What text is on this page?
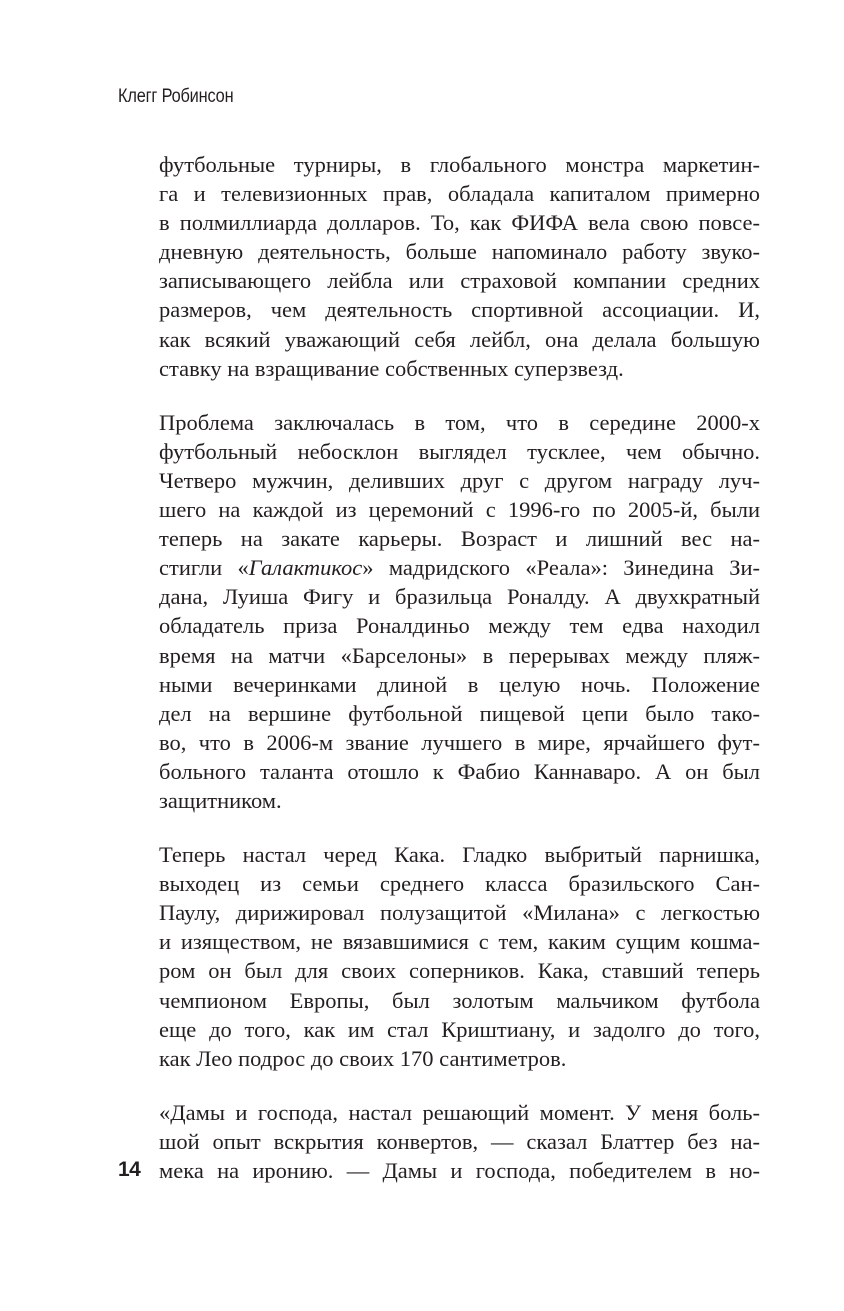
Клегг Робинсон
футбольные турниры, в глобального монстра маркетин-
га и телевизионных прав, обладала капиталом примерно
в полмиллиарда долларов. То, как ФИФА вела свою повсе-
дневную деятельность, больше напоминало работу звуко-
записывающего лейбла или страховой компании средних
размеров, чем деятельность спортивной ассоциации. И,
как всякий уважающий себя лейбл, она делала большую
ставку на взращивание собственных суперзвезд.
Проблема заключалась в том, что в середине 2000-х
футбольный небосклон выглядел тусклее, чем обычно.
Четверо мужчин, деливших друг с другом награду луч-
шего на каждой из церемоний с 1996-го по 2005-й, были
теперь на закате карьеры. Возраст и лишний вес на-
стигли «Галактикос» мадридского «Реала»: Зинедина Зи-
дана, Луиша Фигу и бразильца Роналду. А двухкратный
обладатель приза Роналдиньо между тем едва находил
время на матчи «Барселоны» в перерывах между пляж-
ными вечеринками длиной в целую ночь. Положение
дел на вершине футбольной пищевой цепи было тако-
во, что в 2006-м звание лучшего в мире, ярчайшего фут-
больного таланта отошло к Фабио Каннаваро. А он был
защитником.
Теперь настал черед Кака. Гладко выбритый парнишка,
выходец из семьи среднего класса бразильского Сан-
Паулу, дирижировал полузащитой «Милана» с легкостью
и изяществом, не вязавшимися с тем, каким сущим кошма-
ром он был для своих соперников. Кака, ставший теперь
чемпионом Европы, был золотым мальчиком футбола
еще до того, как им стал Криштиану, и задолго до того,
как Лео подрос до своих 170 сантиметров.
«Дамы и господа, настал решающий момент. У меня боль-
шой опыт вскрытия конвертов, — сказал Блаттер без на-
мека на иронию. — Дамы и господа, победителем в но-
14
